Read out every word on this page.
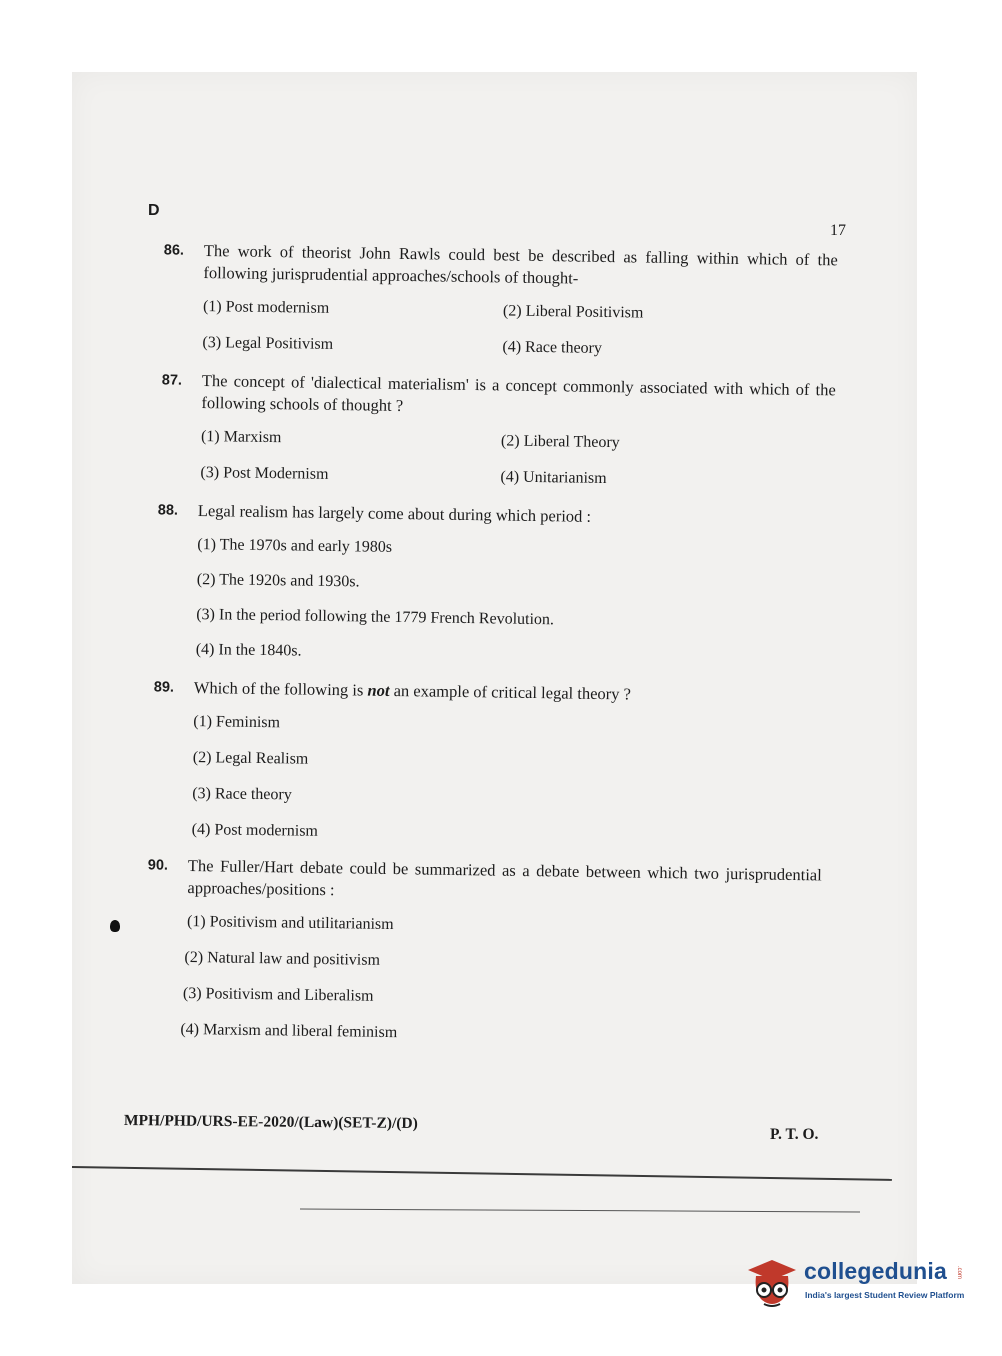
D
17
86. The work of theorist John Rawls could best be described as falling within which of the following jurisprudential approaches/schools of thought-
(1) Post modernism	(2) Liberal Positivism
(3) Legal Positivism	(4) Race theory
87. The concept of 'dialectical materialism' is a concept commonly associated with which of the following schools of thought ?
(1) Marxism	(2) Liberal Theory
(3) Post Modernism	(4) Unitarianism
88. Legal realism has largely come about during which period :
(1) The 1970s and early 1980s
(2) The 1920s and 1930s.
(3) In the period following the 1779 French Revolution.
(4) In the 1840s.
89. Which of the following is not an example of critical legal theory ?
(1) Feminism
(2) Legal Realism
(3) Race theory
(4) Post modernism
90. The Fuller/Hart debate could be summarized as a debate between which two jurisprudential approaches/positions :
(1) Positivism and utilitarianism
(2) Natural law and positivism
(3) Positivism and Liberalism
(4) Marxism and liberal feminism
MPH/PHD/URS-EE-2020/(Law)(SET-Z)/(D)
P. T. O.
collegedunia .com
India's largest Student Review Platform
